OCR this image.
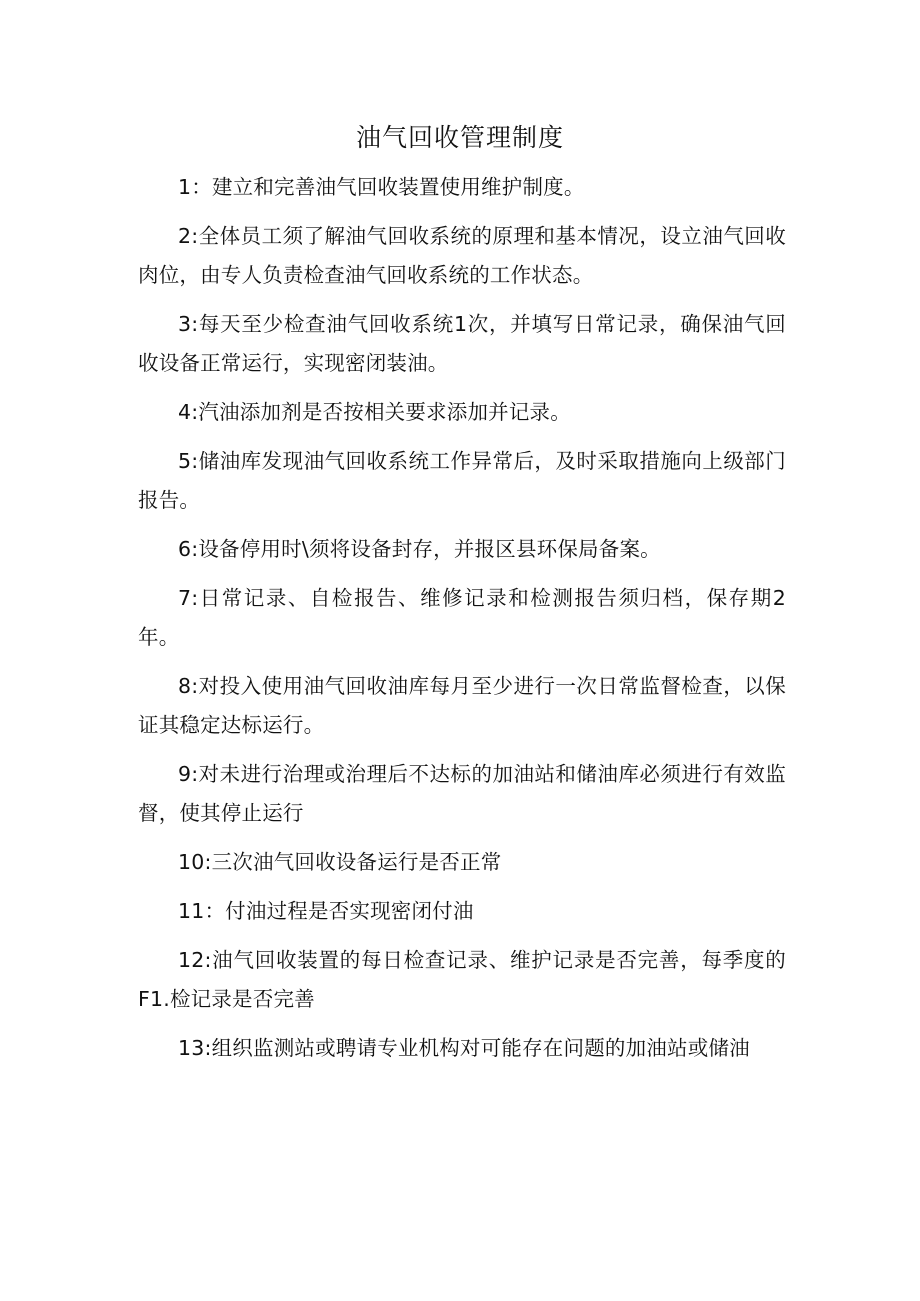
油气回收管理制度

1：建立和完善油气回收装置使用维护制度。

2:全体员工须了解油气回收系统的原理和基本情况，设立油气回收肉位，由专人负责检查油气回收系统的工作状态。

3:每天至少检查油气回收系统1次，并填写日常记录，确保油气回收设备正常运行，实现密闭装油。

4:汽油添加剂是否按相关要求添加并记录。

5:储油库发现油气回收系统工作异常后，及时采取措施向上级部门报告。

6:设备停用时\须将设备封存，并报区县环保局备案。

7:日常记录、自检报告、维修记录和检测报告须归档，保存期2年。

8:对投入使用油气回收油库每月至少进行一次日常监督检查，以保证其稳定达标运行。

9:对未进行治理或治理后不达标的加油站和储油库必须进行有效监督，使其停止运行

10:三次油气回收设备运行是否正常

11：付油过程是否实现密闭付油

12:油气回收装置的每日检查记录、维护记录是否完善，每季度的F1.检记录是否完善

13:组织监测站或聘请专业机构对可能存在问题的加油站或储油
